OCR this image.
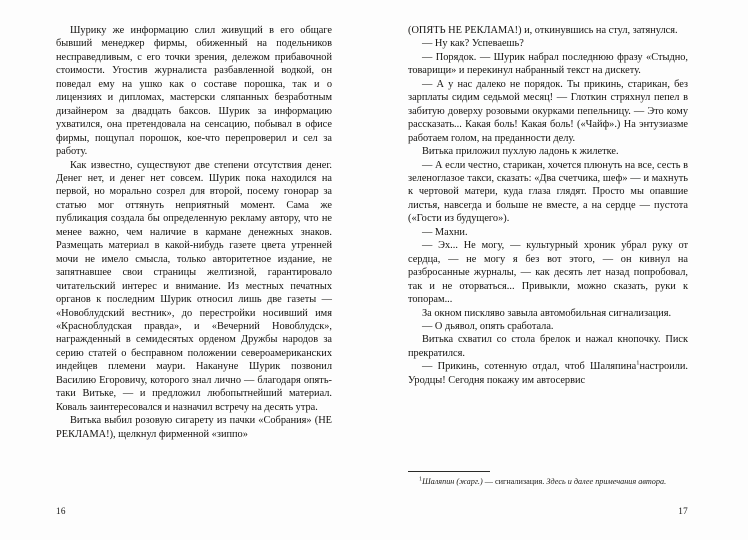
Шурику же информацию слил живущий в его общаге бывший менеджер фирмы, обиженный на подельников несправедливым, с его точки зрения, дележом прибавочной стоимости. Угостив журналиста разбавленной водкой, он поведал ему на ушко как о составе порошка, так и о лицензиях и дипломах, мастерски сляпанных безработным дизайнером за двадцать баксов. Шурик за информацию ухватился, она претендовала на сенсацию, побывал в офисе фирмы, пощупал порошок, кое-что перепроверил и сел за работу.

Как известно, существуют две степени отсутствия денег. Денег нет, и денег нет совсем. Шурик пока находился на первой, но морально созрел для второй, посему гонорар за статью мог оттянуть неприятный момент. Сама же публикация создала бы определенную рекламу автору, что не менее важно, чем наличие в кармане денежных знаков. Размещать материал в какой-нибудь газете цвета утренней мочи не имело смысла, только авторитетное издание, не запятнавшее свои страницы желтизной, гарантировало читательский интерес и внимание. Из местных печатных органов к последним Шурик относил лишь две газеты — «Новоблудский вестник», до перестройки носивший имя «Красноблудская правда», и «Вечерний Новоблудск», награжденный в семидесятых орденом Дружбы народов за серию статей о бесправном положении североамериканских индейцев племени маури. Накануне Шурик позвонил Василию Егоровичу, которого знал лично — благодаря опять-таки Витьке, — и предложил любопытнейший материал. Коваль заинтересовался и назначил встречу на десять утра.

Витька выбил розовую сигарету из пачки «Собрания» (НЕ РЕКЛАМА!), щелкнул фирменной «зиппо»

16

(ОПЯТЬ НЕ РЕКЛАМА!) и, откинувшись на стул, затянулся.

— Ну как? Успеваешь?

— Порядок. — Шурик набрал последнюю фразу «Стыдно, товарищи» и перекинул набранный текст на дискету.

— А у нас далеко не порядок. Ты прикинь, старикан, без зарплаты сидим седьмой месяц! — Глоткин стряхнул пепел в забитую доверху розовыми окурками пепельницу. — Это кому рассказать... Какая боль! Какая боль! («Чайф».) На энтузиазме работаем голом, на преданности делу.

Витька приложил пухлую ладонь к жилетке.

— А если честно, старикан, хочется плюнуть на все, сесть в зеленоглазое такси, сказать: «Два счетчика, шеф» — и махнуть к чертовой матери, куда глаза глядят. Просто мы опавшие листья, навсегда и больше не вместе, а на сердце — пустота («Гости из будущего»).

— Махни.

— Эх... Не могу, — культурный хроник убрал руку от сердца, — не могу я без вот этого, — он кивнул на разбросанные журналы, — как десять лет назад попробовал, так и не оторваться... Привыкли, можно сказать, руки к топорам...

За окном пискляво завыла автомобильная сигнализация.

— О дьявол, опять сработала.

Витька схватил со стола брелок и нажал кнопочку. Писк прекратился.

— Прикинь, сотенную отдал, чтоб Шаляпина$^1$настроили. Уродцы! Сегодня покажу им автосервис

$^1$Шаляпин (жарг.) — сигнализация. Здесь и далее примечания автора.

17
